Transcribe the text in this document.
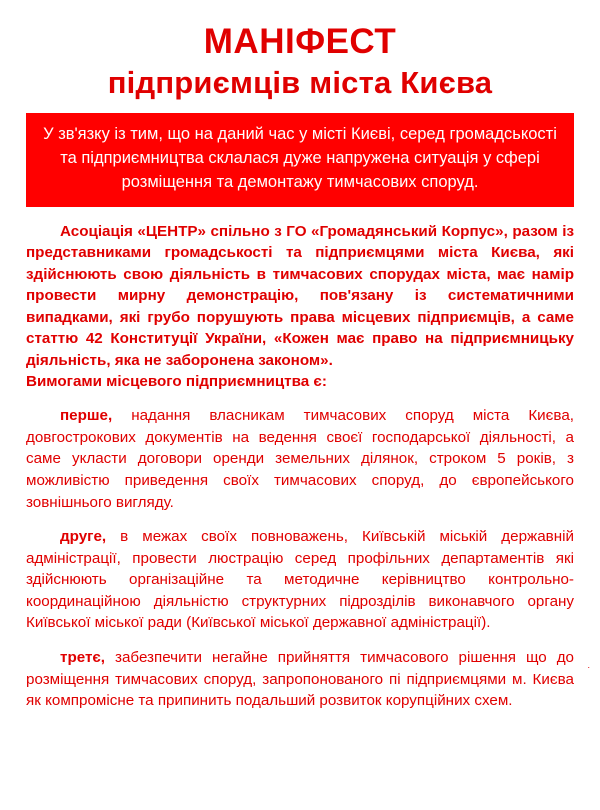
МАНІФЕСТ
підприємців міста Києва

У зв'язку із тим, що на даний час у місті Києві, серед громадськості та підприємництва склалася дуже напружена ситуація у сфері розміщення та демонтажу тимчасових споруд.

Асоціація «ЦЕНТР» спільно з ГО «Громадянський Корпус», разом із представниками громадськості та підприємцями міста Києва, які здійснюють свою діяльність в тимчасових спорудах міста, має намір провести мирну демонстрацію, пов'язану із систематичними випадками, які грубо порушують права місцевих підприємців, а саме статтю 42 Конституції України, «Кожен має право на підприємницьку діяльність, яка не заборонена законом».

Вимогами місцевого підприємництва є:

перше, надання власникам тимчасових споруд міста Києва, довгострокових документів на ведення своєї господарської діяльності, а саме укласти договори оренди земельних ділянок, строком 5 років, з можливістю приведення своїх тимчасових споруд, до європейського зовнішнього вигляду.

друге, в межах своїх повноважень, Київській міській державній адміністрації, провести люстрацію серед профільних департаментів які здійснюють організаційне та методичне керівництво контрольно-координаційною діяльністю структурних підрозділів виконавчого органу Київської міської ради (Київської міської державної адміністрації).

третє, забезпечити негайне прийняття тимчасового рішення що до розміщення тимчасових споруд, запропонованого пі підприємцями м. Києва як компромісне та припинить подальший розвиток корупційних схем.

.
